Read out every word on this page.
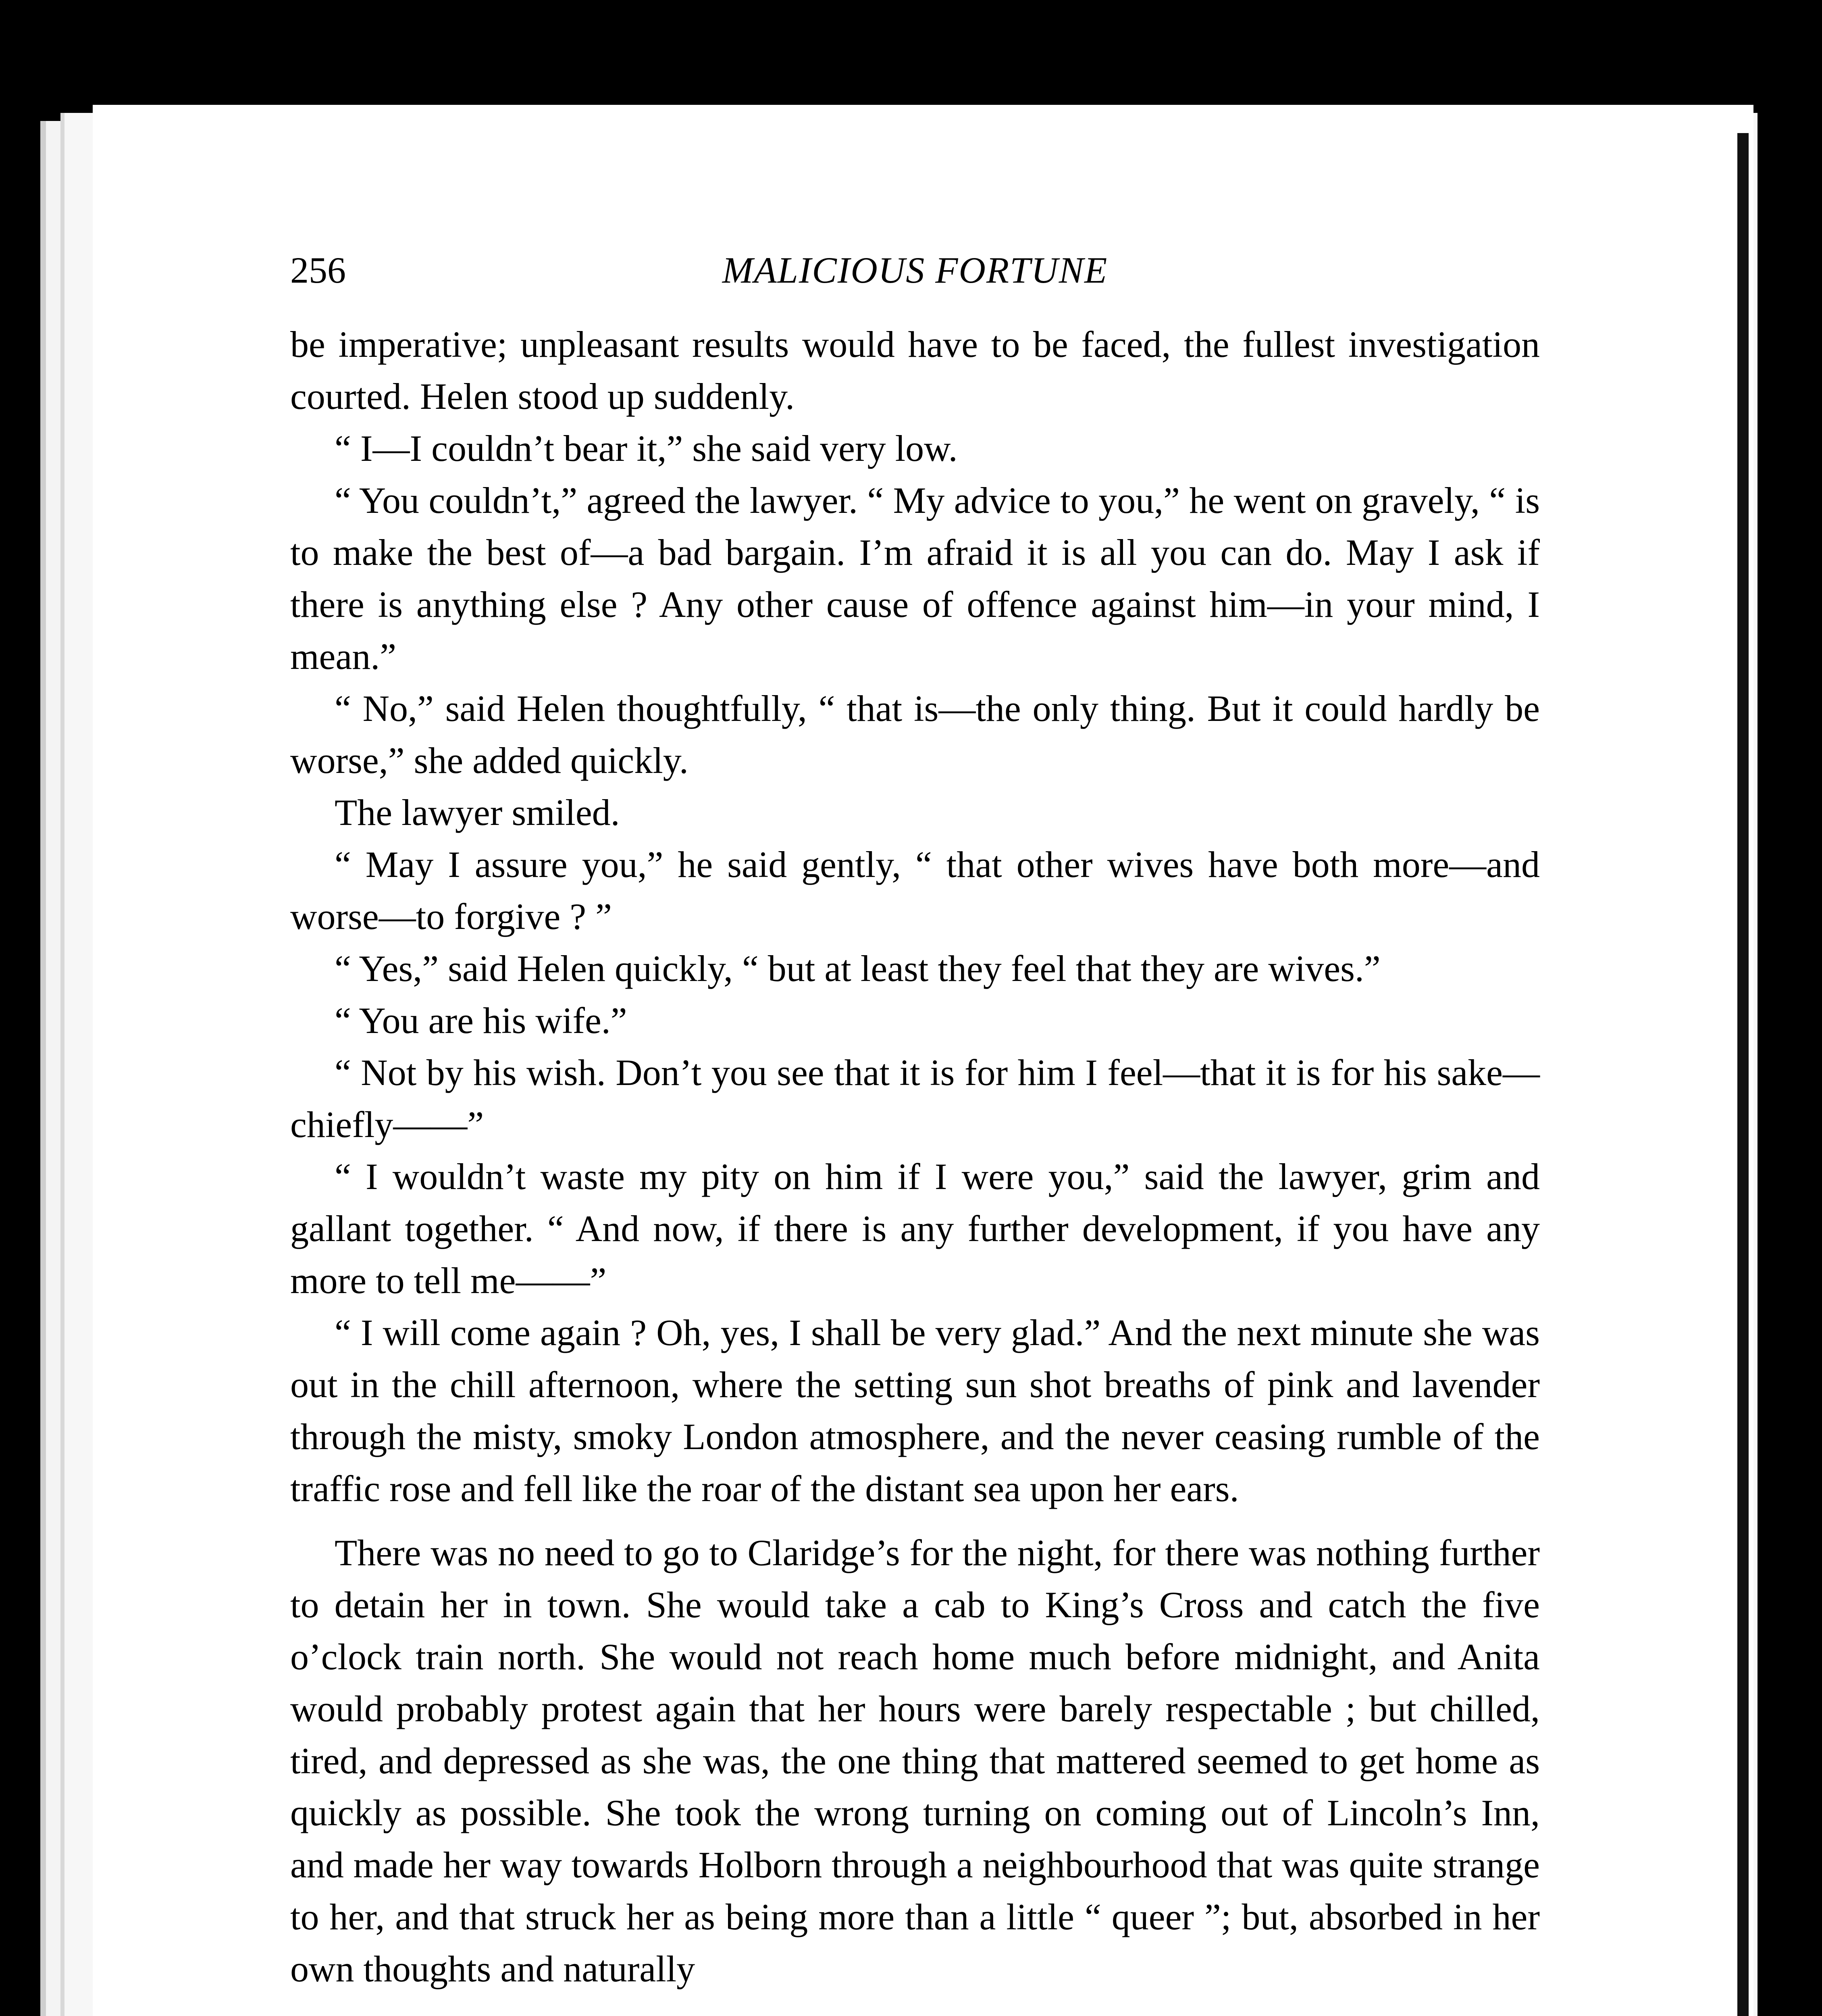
256	MALICIOUS FORTUNE

be imperative; unpleasant results would have to be faced, the fullest investigation courted. Helen stood up suddenly.

“ I—I couldn’t bear it,” she said very low.

“ You couldn’t,” agreed the lawyer. “ My advice to you,” he went on gravely, “ is to make the best of—a bad bargain. I’m afraid it is all you can do. May I ask if there is anything else ? Any other cause of offence against him—in your mind, I mean.”

“ No,” said Helen thoughtfully, “ that is—the only thing. But it could hardly be worse,” she added quickly.

The lawyer smiled.

“ May I assure you,” he said gently, “ that other wives have both more—and worse—to forgive ? ”

“ Yes,” said Helen quickly, “ but at least they feel that they are wives.”

“ You are his wife.”

“ Not by his wish. Don’t you see that it is for him I feel—that it is for his sake—chiefly——”

“ I wouldn’t waste my pity on him if I were you,” said the lawyer, grim and gallant together. “ And now, if there is any further development, if you have any more to tell me——”

“ I will come again ? Oh, yes, I shall be very glad.” And the next minute she was out in the chill afternoon, where the setting sun shot breaths of pink and lavender through the misty, smoky London atmosphere, and the never ceasing rumble of the traffic rose and fell like the roar of the distant sea upon her ears.

There was no need to go to Claridge’s for the night, for there was nothing further to detain her in town. She would take a cab to King’s Cross and catch the five o’clock train north. She would not reach home much before midnight, and Anita would probably protest again that her hours were barely respectable ; but chilled, tired, and depressed as she was, the one thing that mattered seemed to get home as quickly as possible. She took the wrong turning on coming out of Lincoln’s Inn, and made her way towards Holborn through a neighbourhood that was quite strange to her, and that struck her as being more than a little “ queer ”; but, absorbed in her own thoughts and naturally
